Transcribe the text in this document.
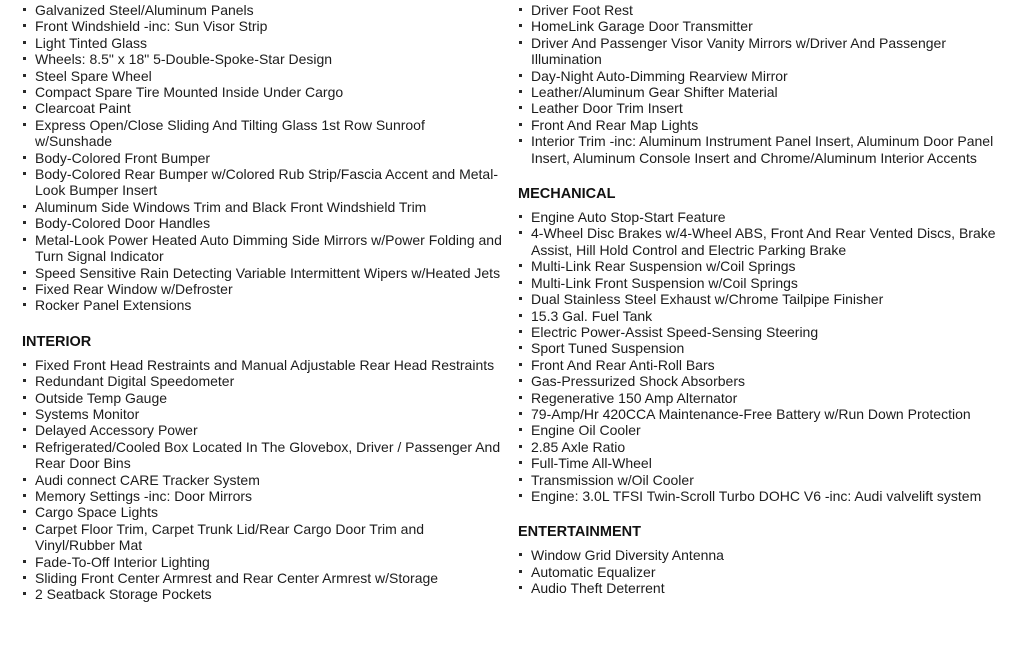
Galvanized Steel/Aluminum Panels
Front Windshield -inc: Sun Visor Strip
Light Tinted Glass
Wheels: 8.5" x 18" 5-Double-Spoke-Star Design
Steel Spare Wheel
Compact Spare Tire Mounted Inside Under Cargo
Clearcoat Paint
Express Open/Close Sliding And Tilting Glass 1st Row Sunroof w/Sunshade
Body-Colored Front Bumper
Body-Colored Rear Bumper w/Colored Rub Strip/Fascia Accent and Metal-Look Bumper Insert
Aluminum Side Windows Trim and Black Front Windshield Trim
Body-Colored Door Handles
Metal-Look Power Heated Auto Dimming Side Mirrors w/Power Folding and Turn Signal Indicator
Speed Sensitive Rain Detecting Variable Intermittent Wipers w/Heated Jets
Fixed Rear Window w/Defroster
Rocker Panel Extensions
INTERIOR
Fixed Front Head Restraints and Manual Adjustable Rear Head Restraints
Redundant Digital Speedometer
Outside Temp Gauge
Systems Monitor
Delayed Accessory Power
Refrigerated/Cooled Box Located In The Glovebox, Driver / Passenger And Rear Door Bins
Audi connect CARE Tracker System
Memory Settings -inc: Door Mirrors
Cargo Space Lights
Carpet Floor Trim, Carpet Trunk Lid/Rear Cargo Door Trim and Vinyl/Rubber Mat
Fade-To-Off Interior Lighting
Sliding Front Center Armrest and Rear Center Armrest w/Storage
2 Seatback Storage Pockets
Driver Foot Rest
HomeLink Garage Door Transmitter
Driver And Passenger Visor Vanity Mirrors w/Driver And Passenger Illumination
Day-Night Auto-Dimming Rearview Mirror
Leather/Aluminum Gear Shifter Material
Leather Door Trim Insert
Front And Rear Map Lights
Interior Trim -inc: Aluminum Instrument Panel Insert, Aluminum Door Panel Insert, Aluminum Console Insert and Chrome/Aluminum Interior Accents
MECHANICAL
Engine Auto Stop-Start Feature
4-Wheel Disc Brakes w/4-Wheel ABS, Front And Rear Vented Discs, Brake Assist, Hill Hold Control and Electric Parking Brake
Multi-Link Rear Suspension w/Coil Springs
Multi-Link Front Suspension w/Coil Springs
Dual Stainless Steel Exhaust w/Chrome Tailpipe Finisher
15.3 Gal. Fuel Tank
Electric Power-Assist Speed-Sensing Steering
Sport Tuned Suspension
Front And Rear Anti-Roll Bars
Gas-Pressurized Shock Absorbers
Regenerative 150 Amp Alternator
79-Amp/Hr 420CCA Maintenance-Free Battery w/Run Down Protection
Engine Oil Cooler
2.85 Axle Ratio
Full-Time All-Wheel
Transmission w/Oil Cooler
Engine: 3.0L TFSI Twin-Scroll Turbo DOHC V6 -inc: Audi valvelift system
ENTERTAINMENT
Window Grid Diversity Antenna
Automatic Equalizer
Audio Theft Deterrent
